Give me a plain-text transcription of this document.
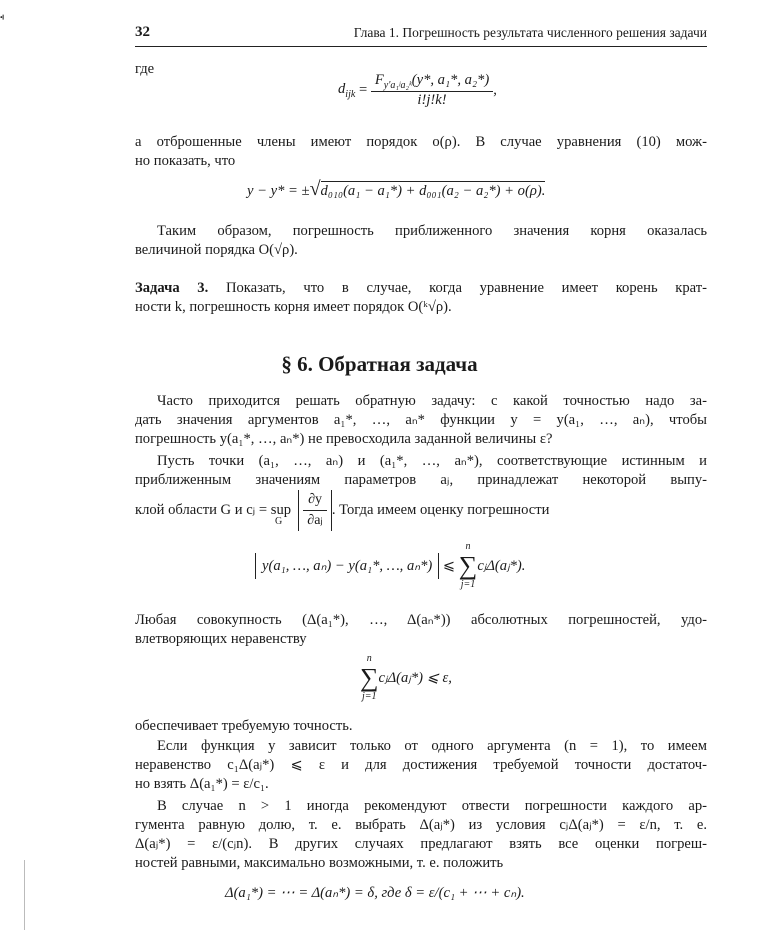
32	Глава 1. Погрешность результата численного решения задачи
где
$d_{ijk} = \frac{F_{y'a_1ʲa_2ᵏ}(y*, a_1*, a_2*)}{i!j!k!}$ ,
а отброшенные члены имеют порядок o(ρ). В случае уравнения (10) мож-
но показать, что
y − y* = ±√d₀₁₀(a₁ − a₁*) + d₀₀₁(a₂ − a₂*) + o(ρ).
Таким образом, погрешность приближенного значения корня оказалась
величиной порядка O(√ρ).
Задача 3. Показать, что в случае, когда уравнение имеет корень крат-
ности k, погрешность корня имеет порядок O(ᵏ√ρ).
§ 6. Обратная задача
Часто приходится решать обратную задачу: с какой точностью надо за-
дать значения аргументов a₁*, …, aₙ* функции y = y(a₁, …, aₙ), чтобы
погрешность y(a₁*, …, aₙ*) не превосходила заданной величины ε?
Пусть точки (a₁, …, aₙ) и (a₁*, …, aₙ*), соответствующие истинным и
приближенным значениям параметров aⱼ, принадлежат некоторой выпу-
клой области G и cⱼ = $sup_G \frac{\partial y}{\text{∂aⱼ}}$ . Тогда имеем оценку погрешности
y(a₁, …, aₙ) − y(a₁*, …, aₙ*) ⩽
n
∑
j=1
cⱼΔ(aⱼ*).
Любая совокупность (Δ(a₁*), …, Δ(aₙ*)) абсолютных погрешностей, удо-
влетворяющих неравенству
n
∑
j=1
cⱼΔ(aⱼ*) ⩽ ε,
обеспечивает требуемую точность.
Если функция y зависит только от одного аргумента (n = 1), то имеем
неравенство c₁Δ(aⱼ*) ⩽ ε и для достижения требуемой точности достаточ-
но взять Δ(a₁*) = ε/c₁.
В случае n > 1 иногда рекомендуют отвести погрешности каждого ар-
гумента равную долю, т. е. выбрать Δ(aⱼ*) из условия cⱼΔ(aⱼ*) = ε/n, т. е.
Δ(aⱼ*) = ε/(cⱼn). В других случаях предлагают взять все оценки погреш-
ностей равными, максимально возможными, т. е. положить
Δ(a₁*) = ⋯ = Δ(aₙ*) = δ, где δ = ε/(c₁ + ⋯ + cₙ).
